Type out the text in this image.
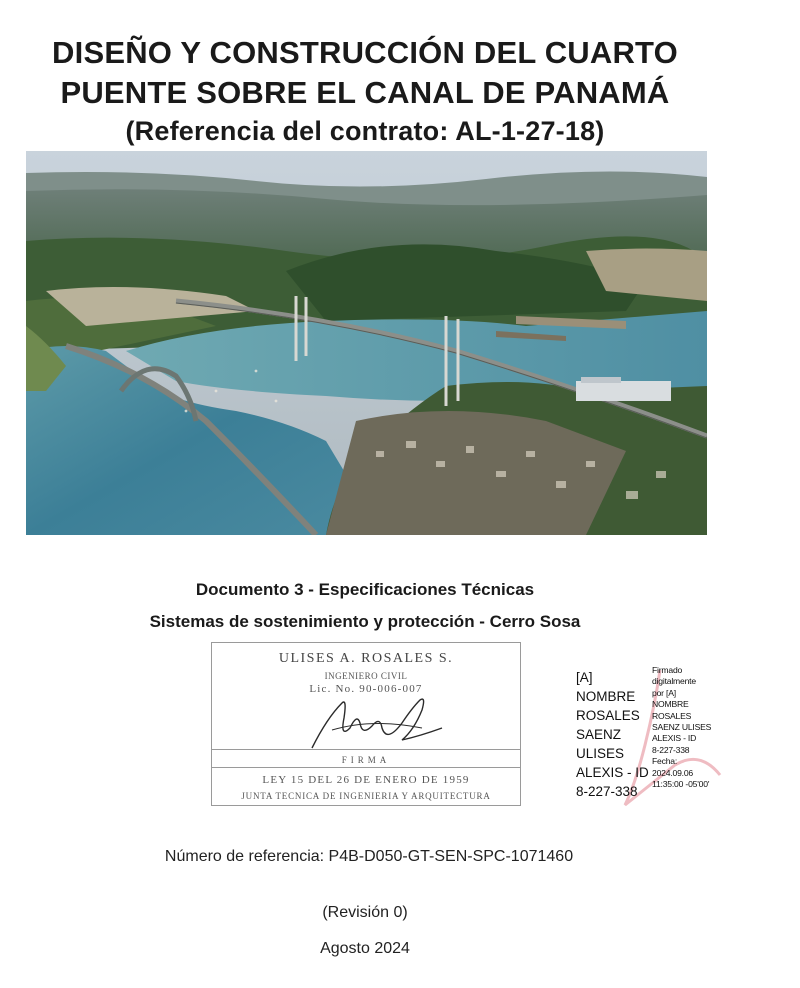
DISEÑO Y CONSTRUCCIÓN DEL CUARTO
PUENTE SOBRE EL CANAL DE PANAMÁ
(Referencia del contrato: AL-1-27-18)

Documento 3 - Especificaciones Técnicas

Sistemas de sostenimiento y protección - Cerro Sosa

ULISES A. ROSALES S.
INGENIERO CIVIL
Lic. No. 90-006-007
FIRMA
LEY 15 DEL 26 DE ENERO DE 1959
JUNTA TECNICA DE INGENIERIA Y ARQUITECTURA
[A]
NOMBRE
ROSALES
SAENZ
ULISES
ALEXIS - ID
8-227-338
Firmado
digitalmente
por [A]
NOMBRE
ROSALES
SAENZ ULISES
ALEXIS - ID
8-227-338
Fecha:
2024.09.06
11:35:00 -05'00'

Número de referencia: P4B-D050-GT-SEN-SPC-1071460

(Revisión 0)

Agosto 2024
